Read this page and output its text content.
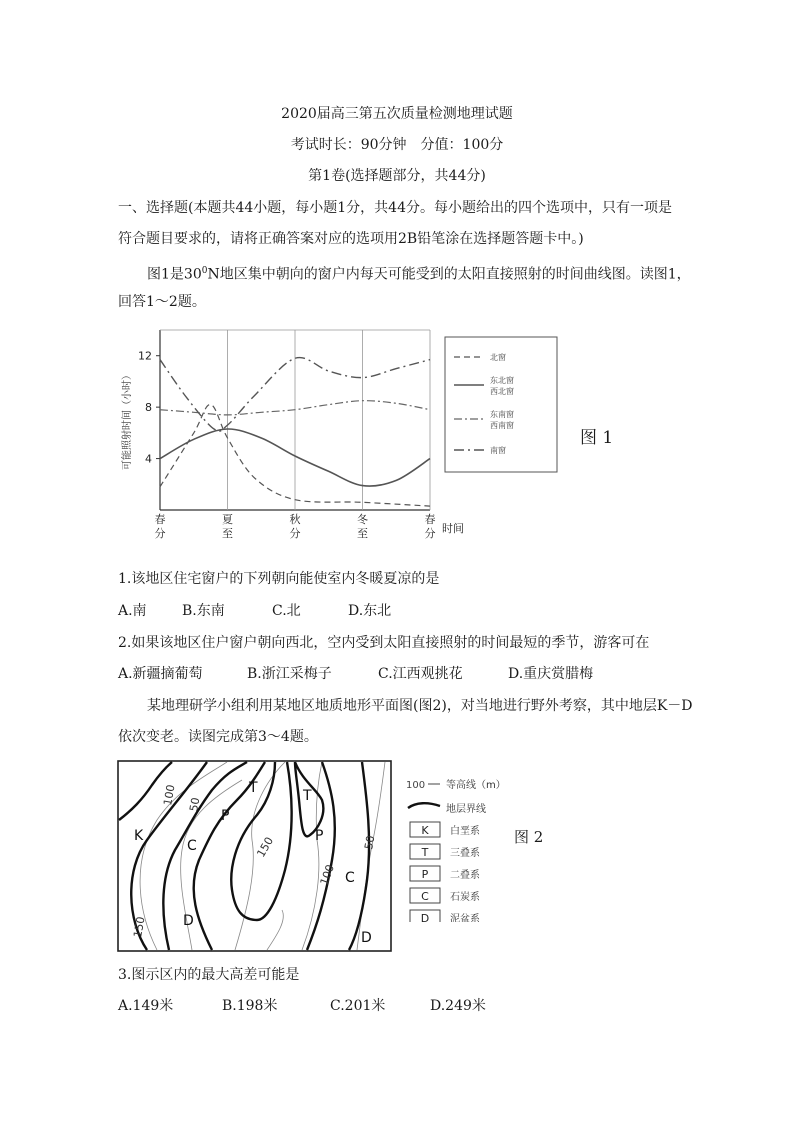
2020届高三第五次质量检测地理试题
考试时长：90分钟　分值：100分
第1卷(选择题部分，共44分)
一、选择题(本题共44小题，每小题1分，共44分。每小题给出的四个选项中，只有一项是
符合题目要求的，请将正确答案对应的选项用2B铅笔涂在选择题答题卡中。)
图1是$30^0N$地区集中朝向的窗户内每天可能受到的太阳直接照射的时间曲线图。读图1，
回答1～2题。
12
8
4
可能照射时间（小时）
春
分
夏
至
秋
分
冬
至
春
分 时间
北窗
东北窗
西北窗
东南窗
西南窗
南窗
图 1
1.该地区住宅窗户的下列朝向能使室内冬暖夏凉的是
A.南	B.东南	C.北	D.东北
2.如果该地区住户窗户朝向西北，空内受到太阳直接照射的时间最短的季节，游客可在
A.新疆摘葡萄	B.浙江采梅子	C.江西观挑花	D.重庆赏腊梅
某地理研学小组利用某地区地质地形平面图(图2)，对当地进行野外考察，其中地层K－D
依次变老。读图完成第3～4题。
K
C
P
T	T
P
C
D
D
100 50
150
100
50
150
100 等高线（m）
地层界线
K 白垩系
T 三叠系
P 二叠系
C 石炭系
D 泥盆系
图 2
3.图示区内的最大高差可能是
A.149米	B.198米	C.201米	D.249米
